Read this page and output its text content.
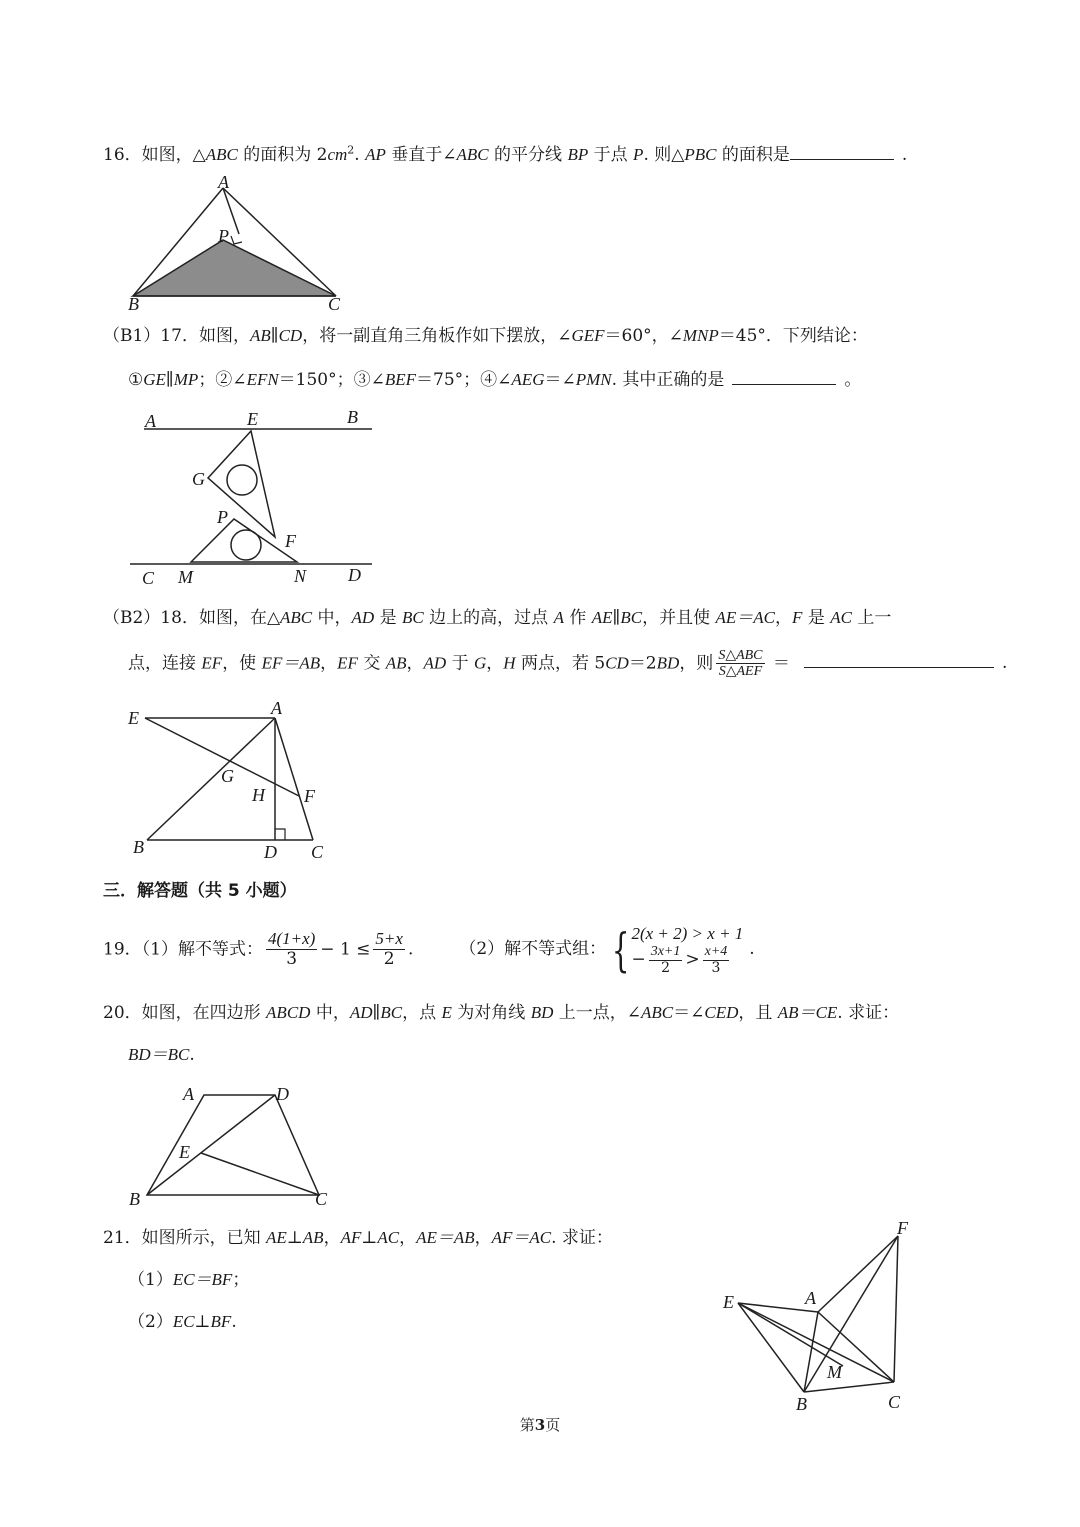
16．如图，△ABC 的面积为 $2cm^2$. AP 垂直于∠ABC 的平分线 BP 于点 P. 则△PBC 的面积是	.
A
P
B	C
（B1）17．如图，AB∥CD，将一副直角三角板作如下摆放，∠GEF＝60°，∠MNP＝45°．下列结论：
①GE∥MP；②∠EFN＝150°；③∠BEF＝75°；④∠AEG＝∠PMN. 其中正确的是	。
A	E	B
G
P
F
C M	N D
（B2）18．如图，在△ABC 中，AD 是 BC 边上的高，过点 A 作 AE∥BC，并且使 AE＝AC，F 是 AC 上一
点，连接 EF，使 EF＝AB，EF 交 AB，AD 于 G，H 两点，若 5CD＝2BD，则 $\frac{\text{S△ABC}}{\text{S△AEF}}$ ＝	.
E	A
G
H F
B	D C
三．解答题（共 5 小题）
19．（1）解不等式： $\frac{4(1+x)}{3} - 1 \le \frac{5+x}{2}$ .	（2）解不等式组： { 2(x + 2) > x + 1
− $\frac{3x+1}{2} > \frac{x+4}{3}$ .
20．如图，在四边形 ABCD 中，AD∥BC，点 E 为对角线 BD 上一点，∠ABC＝∠CED，且 AB＝CE. 求证：
BD＝BC.
A	D
E
B	C
21．如图所示，已知 AE⊥AB，AF⊥AC，AE＝AB，AF＝AC. 求证：
（1）EC＝BF；
（2）EC⊥BF.
F
E	A
M
B	C
第3页
